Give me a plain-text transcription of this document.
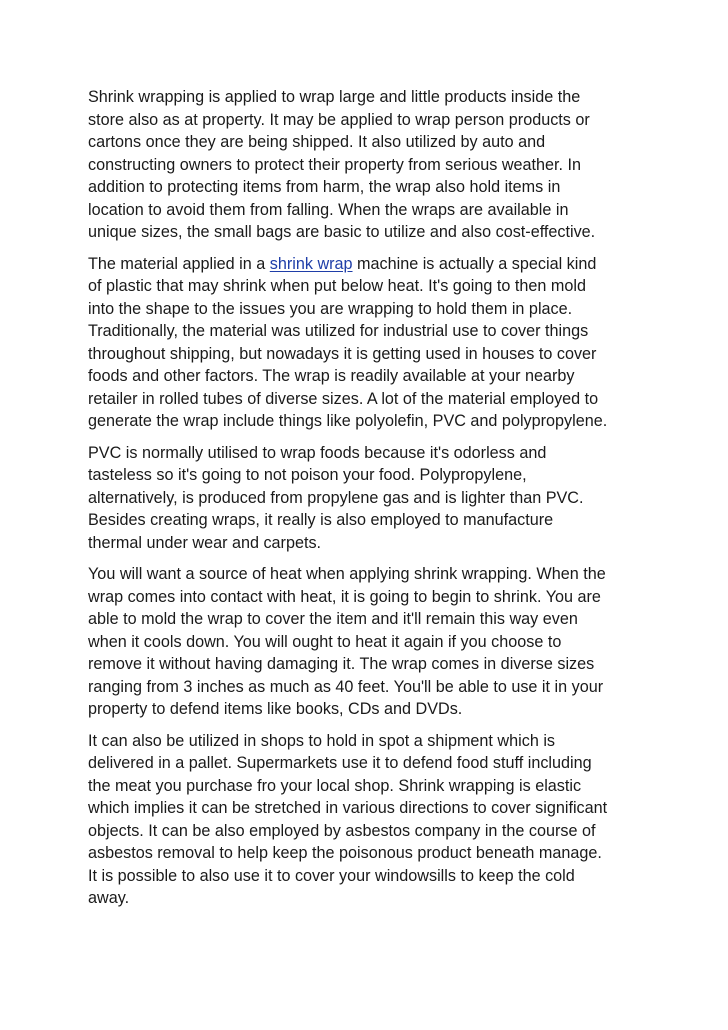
Shrink wrapping is applied to wrap large and little products inside the
store also as at property. It may be applied to wrap person products or
cartons once they are being shipped. It also utilized by auto and
constructing owners to protect their property from serious weather. In
addition to protecting items from harm, the wrap also hold items in
location to avoid them from falling. When the wraps are available in
unique sizes, the small bags are basic to utilize and also cost-effective.

The material applied in a shrink wrap machine is actually a special kind
of plastic that may shrink when put below heat. It's going to then mold
into the shape to the issues you are wrapping to hold them in place.
Traditionally, the material was utilized for industrial use to cover things
throughout shipping, but nowadays it is getting used in houses to cover
foods and other factors. The wrap is readily available at your nearby
retailer in rolled tubes of diverse sizes. A lot of the material employed to
generate the wrap include things like polyolefin, PVC and polypropylene.

PVC is normally utilised to wrap foods because it's odorless and
tasteless so it's going to not poison your food. Polypropylene,
alternatively, is produced from propylene gas and is lighter than PVC.
Besides creating wraps, it really is also employed to manufacture
thermal under wear and carpets.

You will want a source of heat when applying shrink wrapping. When the
wrap comes into contact with heat, it is going to begin to shrink. You are
able to mold the wrap to cover the item and it'll remain this way even
when it cools down. You will ought to heat it again if you choose to
remove it without having damaging it. The wrap comes in diverse sizes
ranging from 3 inches as much as 40 feet. You'll be able to use it in your
property to defend items like books, CDs and DVDs.

It can also be utilized in shops to hold in spot a shipment which is
delivered in a pallet. Supermarkets use it to defend food stuff including
the meat you purchase fro your local shop. Shrink wrapping is elastic
which implies it can be stretched in various directions to cover significant
objects. It can be also employed by asbestos company in the course of
asbestos removal to help keep the poisonous product beneath manage.
It is possible to also use it to cover your windowsills to keep the cold
away.
